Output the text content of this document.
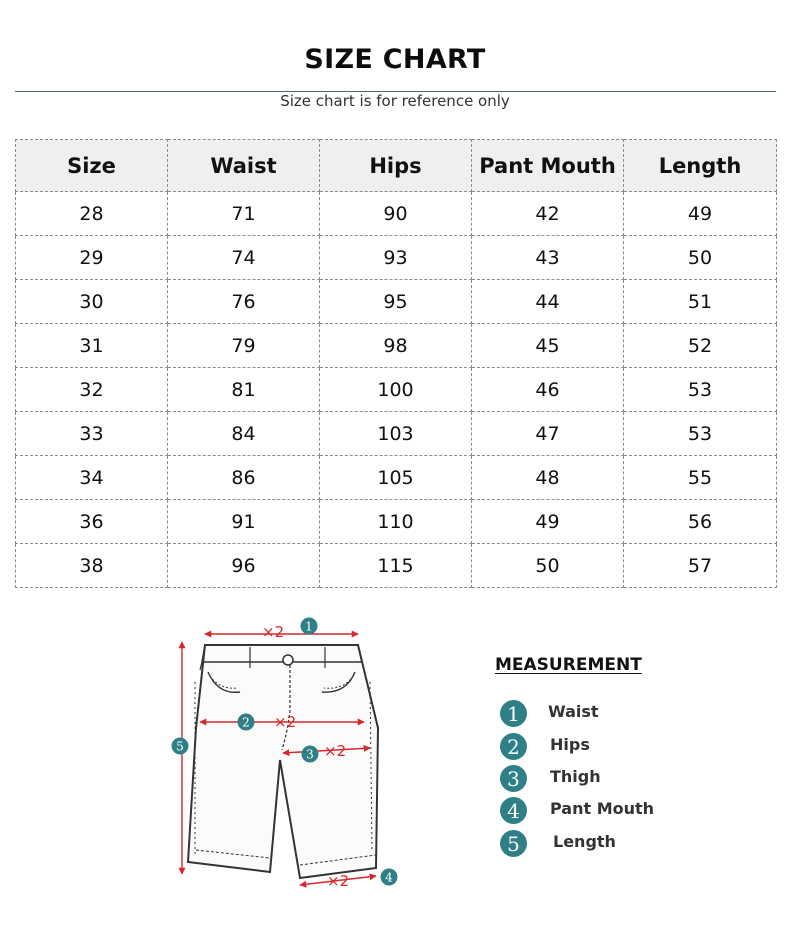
SIZE CHART
Size chart is for reference only
Size	Waist	Hips	Pant Mouth	Length
28	71	90	42	49
29	74	93	43	50
30	76	95	44	51
31	79	98	45	52
32	81	100	46	53
33	84	103	47	53
34	86	105	48	55
36	91	110	49	56
38	96	115	50	57
×2
×2
×2
×2
1
2
3
4
5
MEASUREMENT
1	Waist
2	Hips
3	Thigh
4	Pant Mouth
5	Length
